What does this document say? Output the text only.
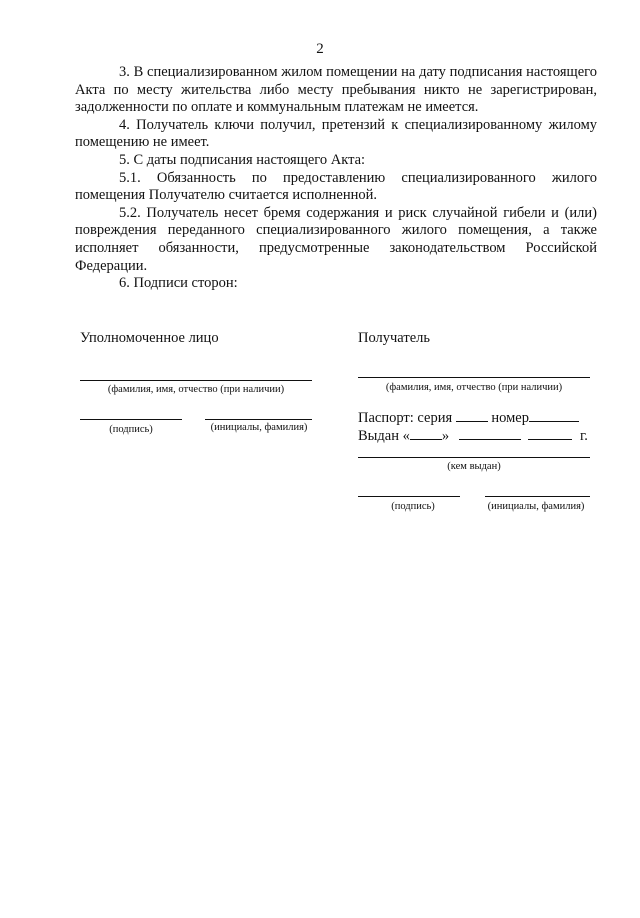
2

3. В специализированном жилом помещении на дату подписания настоящего Акта по месту жительства либо месту пребывания никто не зарегистрирован, задолженности по оплате и коммунальным платежам не имеется.

4. Получатель ключи получил, претензий к специализированному жилому помещению не имеет.

5. С даты подписания настоящего Акта:

5.1. Обязанность по предоставлению специализированного жилого помещения Получателю считается исполненной.

5.2. Получатель несет бремя содержания и риск случайной гибели и (или) повреждения переданного специализированного жилого помещения, а также исполняет обязанности, предусмотренные законодательством Российской Федерации.

6. Подписи сторон:

Уполномоченное лицо
(фамилия, имя, отчество (при наличии)
(подпись)	(инициалы, фамилия)
Получатель
(фамилия, имя, отчество (при наличии)
Паспорт: серия	номер
Выдан « »	г.
(кем выдан)
(подпись)	(инициалы, фамилия)
